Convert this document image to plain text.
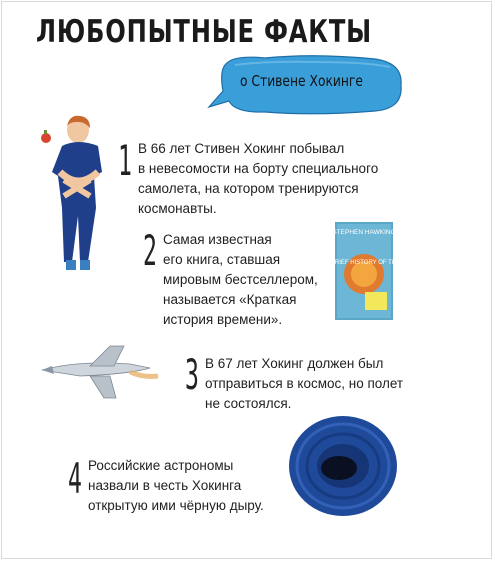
ЛЮБОПЫТНЫЕ ФАКТЫ
о Стивене Хокинге
1 В 66 лет Стивен Хокинг побывал
в невесомости на борту специального
самолета, на котором тренируются
космонавты.
2 Самая известная
его книга, ставшая
мировым бестселлером,
называется «Краткая
история времени».
STEPHEN HAWKING
A BRIEF HISTORY OF TIME
3 В 67 лет Хокинг должен был
отправиться в космос, но полет
не состоялся.
4 Российские астрономы
назвали в честь Хокинга
открытую ими чёрную дыру.
